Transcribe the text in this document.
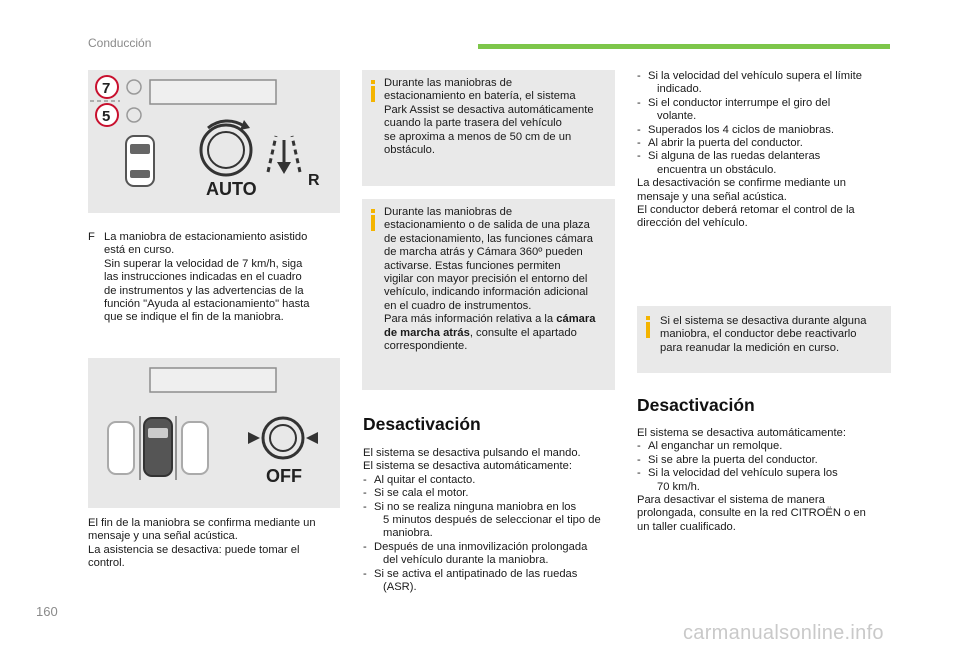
Conducción
AUTO	R
7
5
F La maniobra de estacionamiento asistido
está en curso.
Sin superar la velocidad de 7 km/h, siga
las instrucciones indicadas en el cuadro
de instrumentos y las advertencias de la
función "Ayuda al estacionamiento" hasta
que se indique el fin de la maniobra.
OFF
El fin de la maniobra se confirma mediante un
mensaje y una señal acústica.
La asistencia se desactiva: puede tomar el
control.
Durante las maniobras de
estacionamiento en batería, el sistema
Park Assist se desactiva automáticamente
cuando la parte trasera del vehículo
se aproxima a menos de 50 cm de un
obstáculo.
Durante las maniobras de
estacionamiento o de salida de una plaza
de estacionamiento, las funciones cámara
de marcha atrás y Cámara 360º pueden
activarse. Estas funciones permiten
vigilar con mayor precisión el entorno del
vehículo, indicando información adicional
en el cuadro de instrumentos.
Para más información relativa a la cámara
de marcha atrás, consulte el apartado
correspondiente.
Desactivación
El sistema se desactiva pulsando el mando.
El sistema se desactiva automáticamente:
- Al quitar el contacto.
- Si se cala el motor.
- Si no se realiza ninguna maniobra en los
5 minutos después de seleccionar el tipo de
maniobra.
- Después de una inmovilización prolongada
del vehículo durante la maniobra.
- Si se activa el antipatinado de las ruedas
(ASR).
- Si la velocidad del vehículo supera el límite
indicado.
- Si el conductor interrumpe el giro del
volante.
- Superados los 4 ciclos de maniobras.
- Al abrir la puerta del conductor.
- Si alguna de las ruedas delanteras
encuentra un obstáculo.
La desactivación se confirme mediante un
mensaje y una señal acústica.
El conductor deberá retomar el control de la
dirección del vehículo.
Si el sistema se desactiva durante alguna
maniobra, el conductor debe reactivarlo
para reanudar la medición en curso.
Desactivación
El sistema se desactiva automáticamente:
- Al enganchar un remolque.
- Si se abre la puerta del conductor.
- Si la velocidad del vehículo supera los
70 km/h.
Para desactivar el sistema de manera
prolongada, consulte en la red CITROËN o en
un taller cualificado.
160
carmanualsonline.info
